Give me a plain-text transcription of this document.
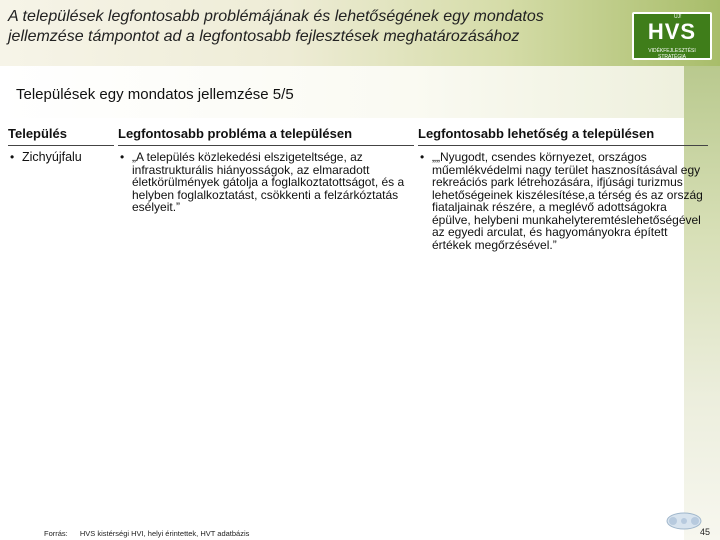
A települések legfontosabb problémájának és lehetőségének egy mondatos jellemzése támpontot ad a legfontosabb fejlesztések meghatározásához
ÚJ!
HVS
VIDÉKFEJLESZTÉSI STRATÉGIA
Települések egy mondatos jellemzése 5/5
Település
• Zichyújfalu
Legfontosabb probléma a településen
• „A település közlekedési elszigeteltsége, az infrastrukturális hiányosságok, az elmaradott életkörülmények gátolja a foglalkoztatottságot, és a helyben foglalkoztatást, csökkenti a felzárkóztatás esélyeit.”
Legfontosabb lehetőség a településen
• „„Nyugodt, csendes környezet, országos műemlékvédelmi nagy terület hasznosításával egy rekreációs park létrehozására, ifjúsági turizmus lehetőségeinek kiszélesítése,a térség és az ország fiataljainak részére, a meglévő adottságokra épülve, helybeni munkahelyteremtéslehetőségével az egyedi arculat, és hagyományokra épített értékek megőrzésével.”
Forrás: HVS kistérségi HVI, helyi érintettek, HVT adatbázis	45
